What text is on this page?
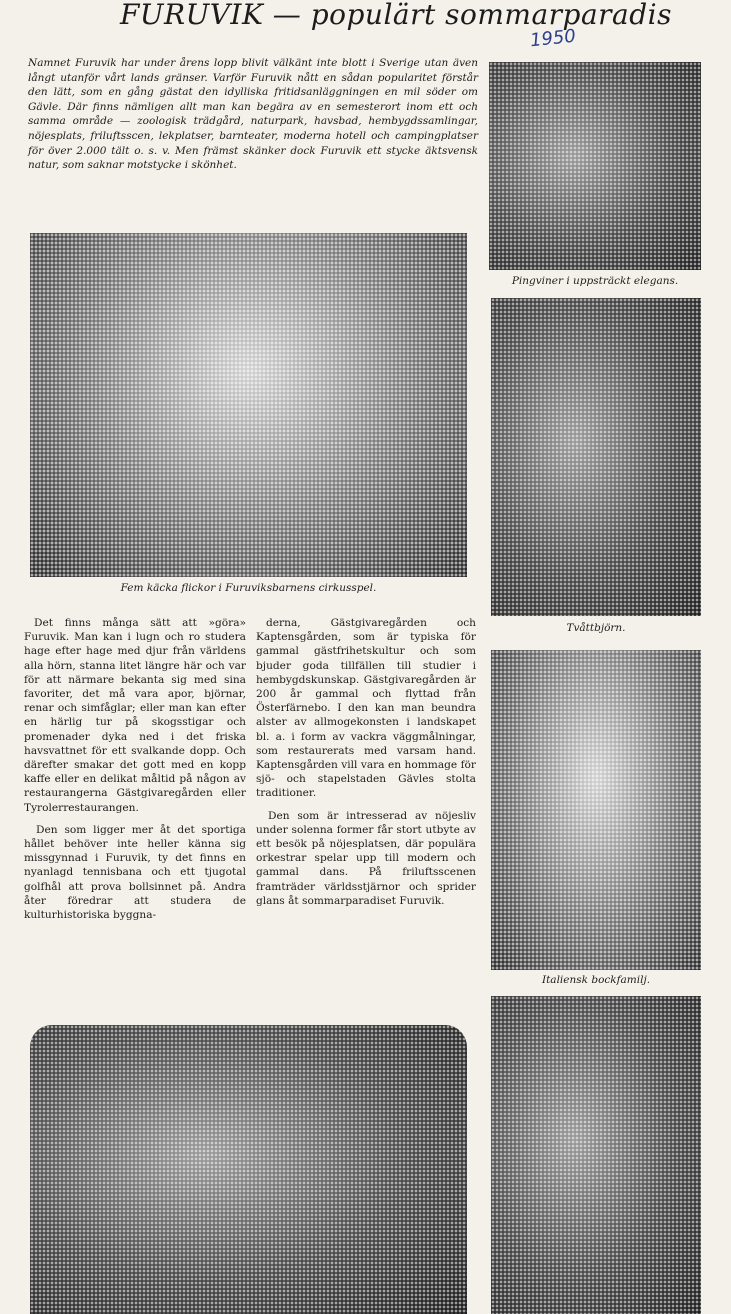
FURUVIK — populärt sommarparadis
1950
Namnet Furuvik har under årens lopp blivit välkänt inte blott i Sverige utan även långt utanför vårt lands gränser. Varför Furuvik nått en sådan popularitet förstår den lätt, som en gång gästat den idylliska fritidsanläggningen en mil söder om Gävle. Där finns nämligen allt man kan begära av en semesterort inom ett och samma område — zoologisk trädgård, naturpark, havsbad, hembygdssamlingar, nöjesplats, friluftsscen, lekplatser, barnteater, moderna hotell och campingplatser för över 2.000 tält o. s. v. Men främst skänker dock Furuvik ett stycke äktsvensk natur, som saknar motstycke i skönhet.
Pingviner i uppsträckt elegans.
Tvåttbjörn.
Italiensk bockfamilj.
Fem käcka flickor i Furuviksbarnens cirkusspel.

Det finns många sätt att »göra» Furuvik. Man kan i lugn och ro studera hage efter hage med djur från världens alla hörn, stanna litet längre här och var för att närmare bekanta sig med sina favoriter, det må vara apor, björnar, renar och simfåglar; eller man kan efter en härlig tur på skogsstigar och promenader dyka ned i det friska havsvattnet för ett svalkande dopp. Och därefter smakar det gott med en kopp kaffe eller en delikat måltid på någon av restaurangerna Gästgivaregården eller Tyrolerrestaurangen.

Den som ligger mer åt det sportiga hållet behöver inte heller känna sig missgynnad i Furuvik, ty det finns en nyanlagd tennisbana och ett tjugotal golfhål att prova bollsinnet på. Andra åter föredrar att studera de kulturhistoriska byggna-

derna, Gästgivaregården och Kaptensgården, som är typiska för gammal gästfrihetskultur och som bjuder goda tillfällen till studier i hembygdskunskap. Gästgivaregården är 200 år gammal och flyttad från Österfärnebo. I den kan man beundra alster av allmogekonsten i landskapet bl. a. i form av vackra väggmålningar, som restaurerats med varsam hand. Kaptensgården vill vara en hommage för sjö- och stapelstaden Gävles stolta traditioner.

Den som är intresserad av nöjesliv under solenna former får stort utbyte av ett besök på nöjesplatsen, där populära orkestrar spelar upp till modern och gammal dans. På friluftsscenen framträder världsstjärnor och sprider glans åt sommarparadiset Furuvik.
